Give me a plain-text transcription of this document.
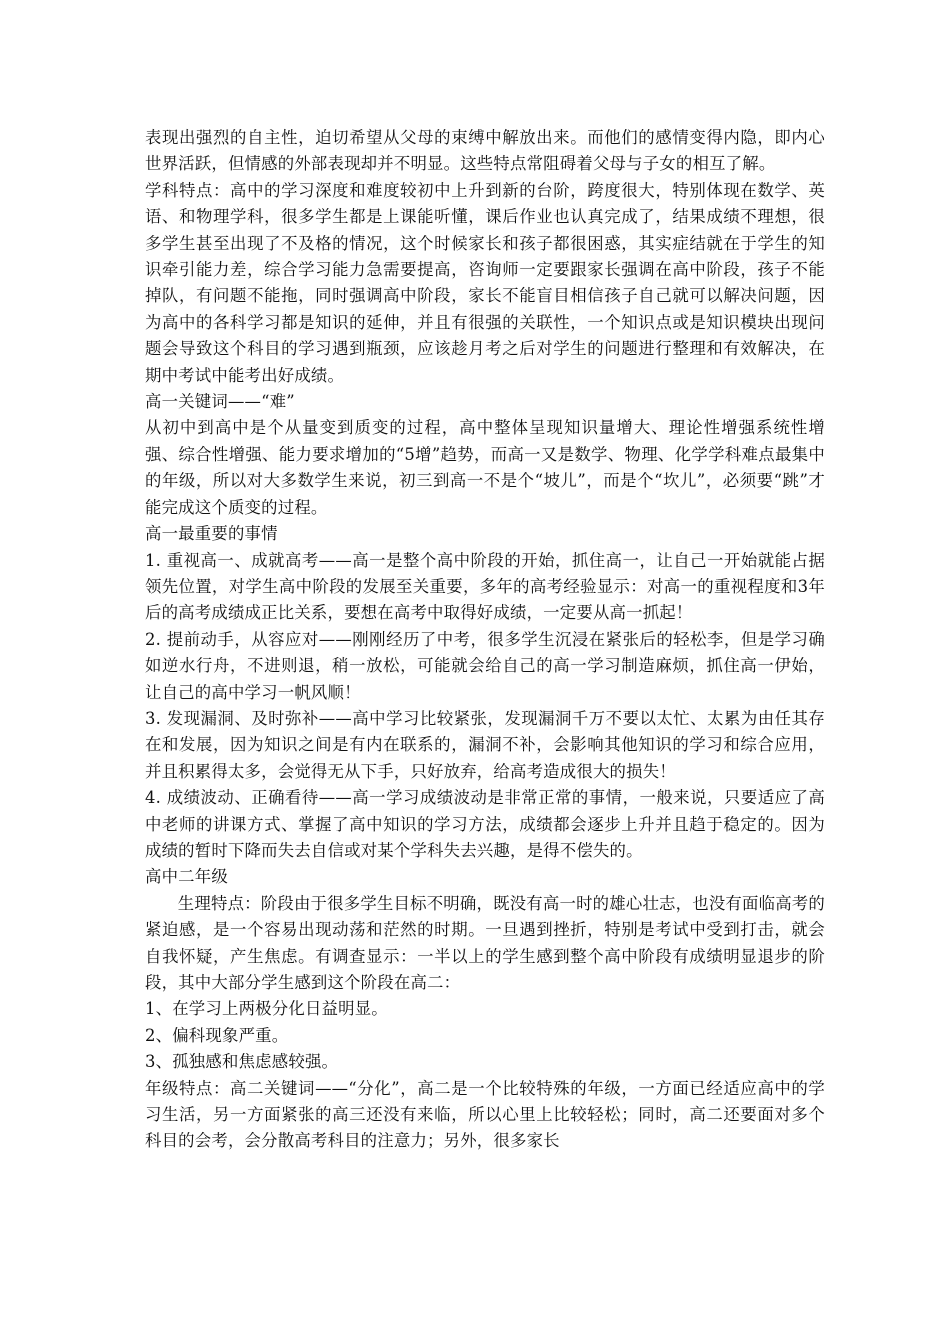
表现出强烈的自主性，迫切希望从父母的束缚中解放出来。而他们的感情变得内隐，即内心世界活跃，但情感的外部表现却并不明显。这些特点常阻碍着父母与子女的相互了解。

学科特点：高中的学习深度和难度较初中上升到新的台阶，跨度很大，特别体现在数学、英语、和物理学科，很多学生都是上课能听懂，课后作业也认真完成了，结果成绩不理想，很多学生甚至出现了不及格的情况，这个时候家长和孩子都很困惑，其实症结就在于学生的知识牵引能力差，综合学习能力急需要提高，咨询师一定要跟家长强调在高中阶段，孩子不能掉队，有问题不能拖，同时强调高中阶段，家长不能盲目相信孩子自己就可以解决问题，因为高中的各科学习都是知识的延伸，并且有很强的关联性，一个知识点或是知识模块出现问题会导致这个科目的学习遇到瓶颈，应该趁月考之后对学生的问题进行整理和有效解决，在期中考试中能考出好成绩。

高一关键词——“难”

从初中到高中是个从量变到质变的过程，高中整体呈现知识量增大、理论性增强系统性增强、综合性增强、能力要求增加的“5增”趋势，而高一又是数学、物理、化学学科难点最集中的年级，所以对大多数学生来说，初三到高一不是个“坡儿”，而是个“坎儿”，必须要“跳”才能完成这个质变的过程。

高一最重要的事情

1. 重视高一、成就高考——高一是整个高中阶段的开始，抓住高一，让自己一开始就能占据领先位置，对学生高中阶段的发展至关重要，多年的高考经验显示：对高一的重视程度和3年后的高考成绩成正比关系，要想在高考中取得好成绩，一定要从高一抓起！

2. 提前动手，从容应对——刚刚经历了中考，很多学生沉浸在紧张后的轻松李，但是学习确如逆水行舟，不进则退，稍一放松，可能就会给自己的高一学习制造麻烦，抓住高一伊始，让自己的高中学习一帆风顺！

3. 发现漏洞、及时弥补——高中学习比较紧张，发现漏洞千万不要以太忙、太累为由任其存在和发展，因为知识之间是有内在联系的，漏洞不补，会影响其他知识的学习和综合应用，并且积累得太多，会觉得无从下手，只好放弃，给高考造成很大的损失！

4. 成绩波动、正确看待——高一学习成绩波动是非常正常的事情，一般来说，只要适应了高中老师的讲课方式、掌握了高中知识的学习方法，成绩都会逐步上升并且趋于稳定的。因为成绩的暂时下降而失去自信或对某个学科失去兴趣，是得不偿失的。

高中二年级

生理特点：阶段由于很多学生目标不明确，既没有高一时的雄心壮志，也没有面临高考的紧迫感，是一个容易出现动荡和茫然的时期。一旦遇到挫折，特别是考试中受到打击，就会自我怀疑，产生焦虑。有调查显示：一半以上的学生感到整个高中阶段有成绩明显退步的阶段，其中大部分学生感到这个阶段在高二：

1、在学习上两极分化日益明显。

2、偏科现象严重。

3、孤独感和焦虑感较强。

年级特点：高二关键词——“分化”，高二是一个比较特殊的年级，一方面已经适应高中的学习生活，另一方面紧张的高三还没有来临，所以心里上比较轻松；同时，高二还要面对多个科目的会考，会分散高考科目的注意力；另外，很多家长
